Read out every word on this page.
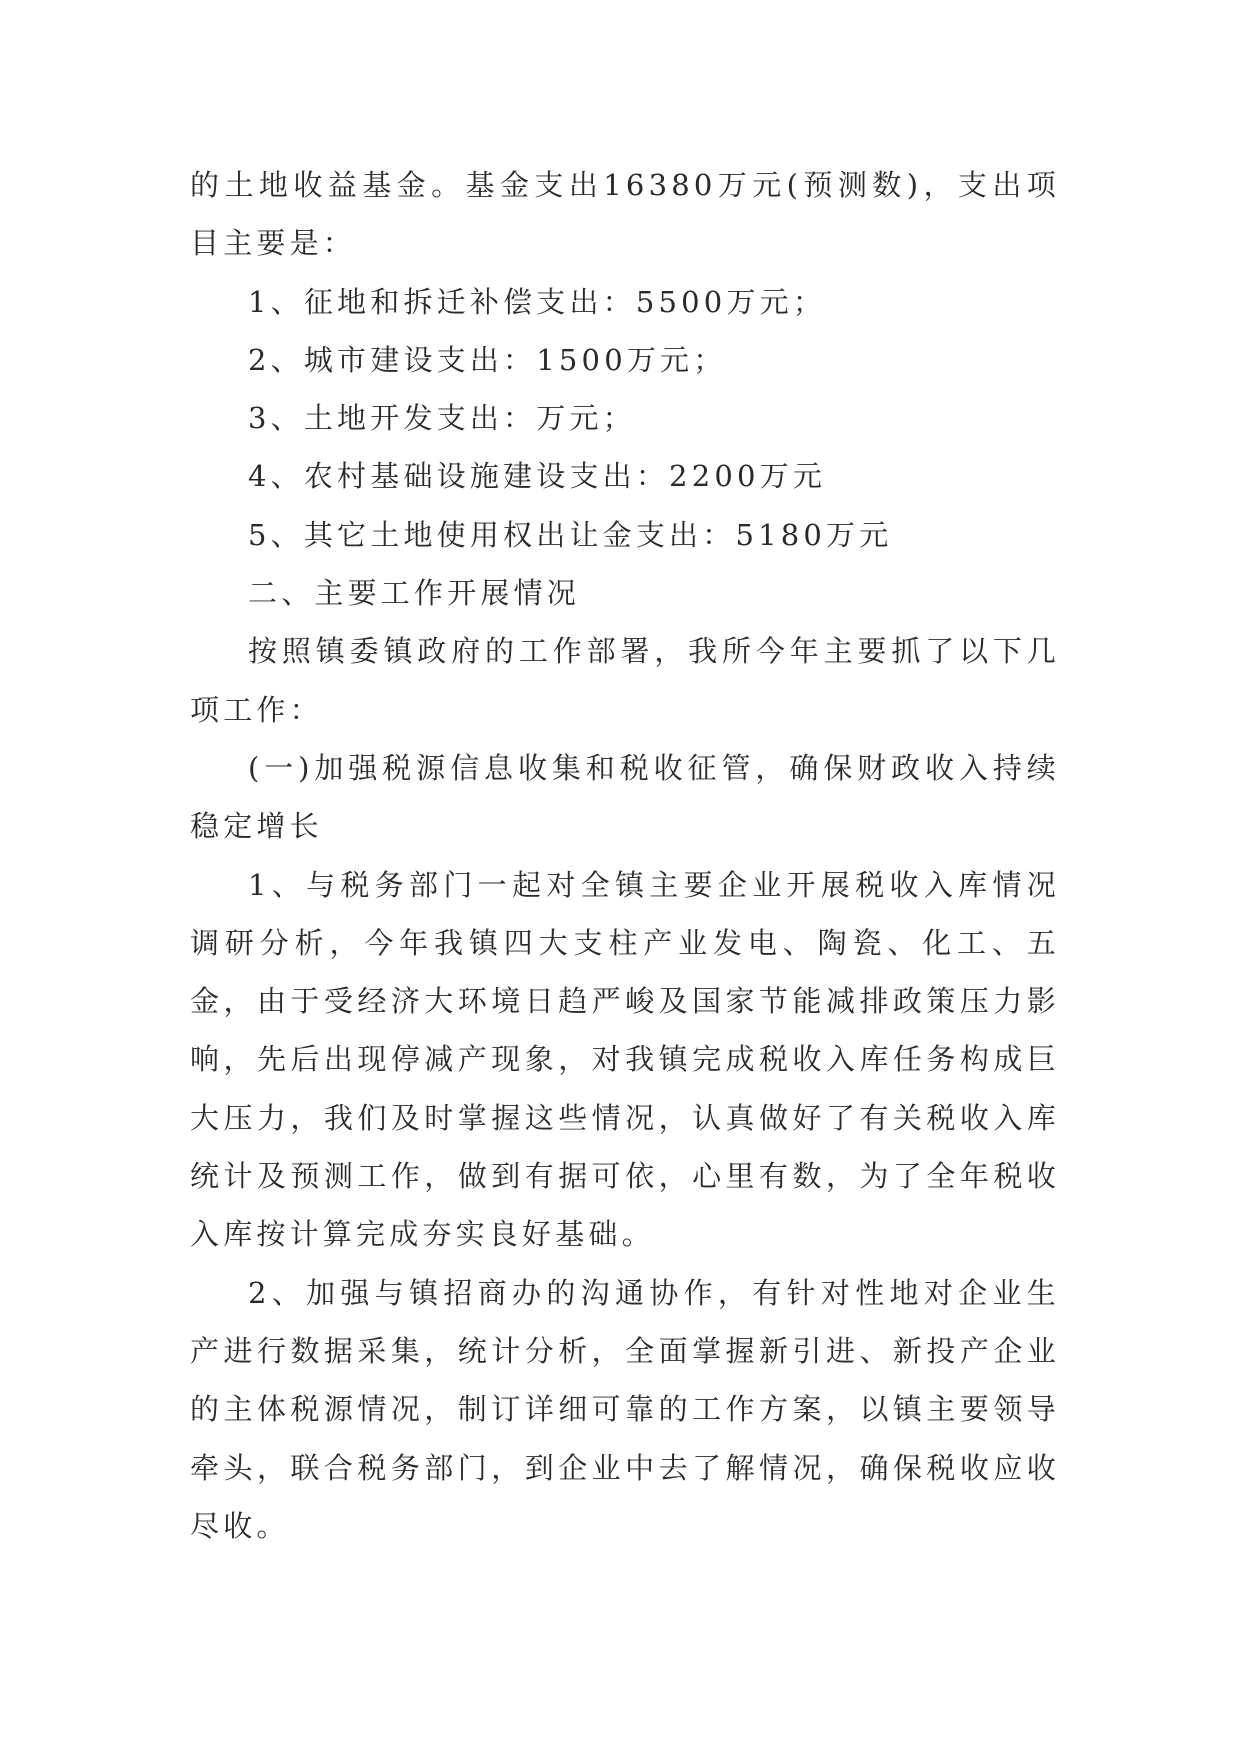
的土地收益基金。基金支出16380万元(预测数)，支出项目主要是：

1、征地和拆迁补偿支出：5500万元；

2、城市建设支出：1500万元；

3、土地开发支出：万元；

4、农村基础设施建设支出：2200万元

5、其它土地使用权出让金支出：5180万元

二、主要工作开展情况

按照镇委镇政府的工作部署，我所今年主要抓了以下几项工作：

(一)加强税源信息收集和税收征管，确保财政收入持续稳定增长

1、与税务部门一起对全镇主要企业开展税收入库情况调研分析，今年我镇四大支柱产业发电、陶瓷、化工、五金，由于受经济大环境日趋严峻及国家节能减排政策压力影响，先后出现停减产现象，对我镇完成税收入库任务构成巨大压力，我们及时掌握这些情况，认真做好了有关税收入库统计及预测工作，做到有据可依，心里有数，为了全年税收入库按计算完成夯实良好基础。

2、加强与镇招商办的沟通协作，有针对性地对企业生产进行数据采集，统计分析，全面掌握新引进、新投产企业的主体税源情况，制订详细可靠的工作方案，以镇主要领导牵头，联合税务部门，到企业中去了解情况，确保税收应收尽收。
